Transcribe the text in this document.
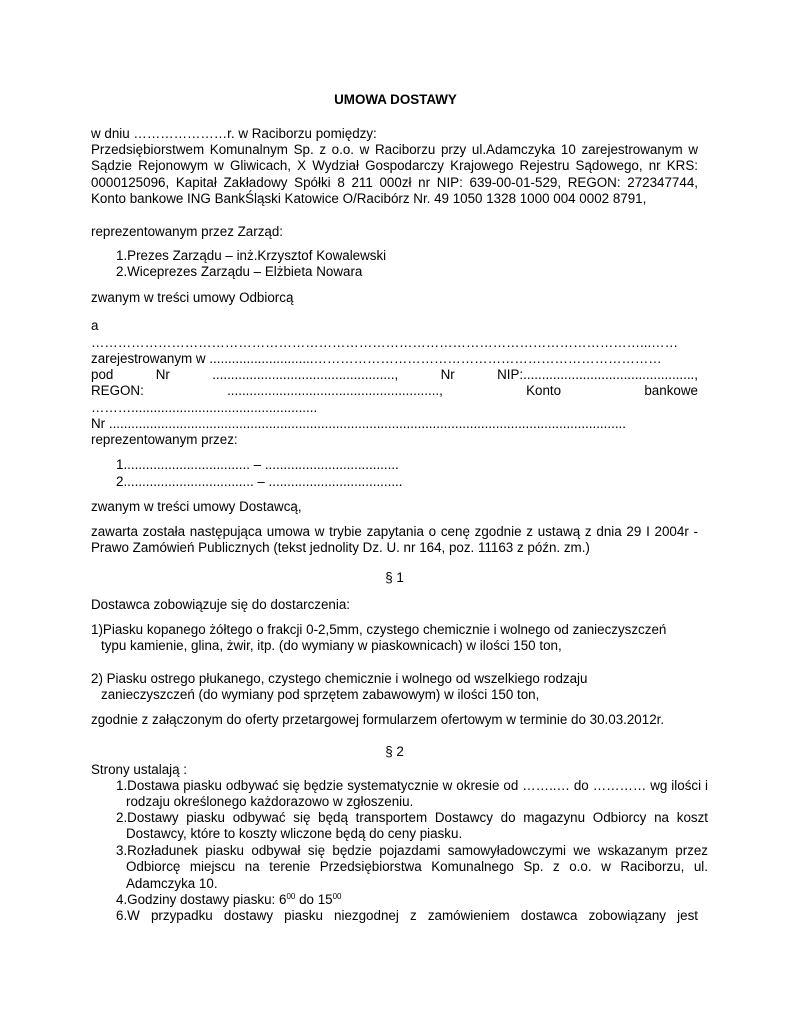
UMOWA DOSTAWY
w dniu …………………r. w Raciborzu pomiędzy:
Przedsiębiorstwem Komunalnym Sp. z o.o. w Raciborzu przy ul.Adamczyka 10 zarejestrowanym w Sądzie Rejonowym w Gliwicach, X Wydział Gospodarczy Krajowego Rejestru Sądowego, nr KRS: 0000125096, Kapitał Zakładowy Spółki 8 211 000zł nr NIP: 639-00-01-529, REGON: 272347744, Konto bankowe ING BankŚląski Katowice O/Racibórz Nr. 49 1050 1328 1000 004 0002 8791,
reprezentowanym przez Zarząd:
1.Prezes Zarządu – inż.Krzysztof Kowalewski
2.Wiceprezes Zarządu – Elżbieta Nowara
zwanym w treści umowy Odbiorcą
a
……………………………………………………………………………………………………………...……
zarejestrowanym w ............................……………………………………………………………………
pod	Nr	.................................................,	Nr	NIP:..............................................,
REGON:	.........................................................,	Konto	bankowe
………..................................................
Nr ...........................................................................................................................................
reprezentowanym przez:
1.................................. – ....................................
2................................... – ....................................
zwanym w treści umowy Dostawcą,
zawarta została następująca umowa w trybie zapytania o cenę zgodnie z ustawą z dnia 29 I 2004r - Prawo Zamówień Publicznych (tekst jednolity Dz. U. nr 164, poz. 11163 z późn. zm.)
§ 1
Dostawca zobowiązuje się do dostarczenia:
1)Piasku kopanego żółtego o frakcji 0-2,5mm, czystego chemicznie i wolnego od zanieczyszczeń typu kamienie, glina, żwir, itp. (do wymiany w piaskownicach) w ilości 150 ton,
2) Piasku ostrego płukanego, czystego chemicznie i wolnego od wszelkiego rodzaju zanieczyszczeń (do wymiany pod sprzętem zabawowym) w ilości 150 ton,
zgodnie z załączonym do oferty przetargowej formularzem ofertowym w terminie do 30.03.2012r.
§ 2
Strony ustalają :
1.Dostawa piasku odbywać się będzie systematycznie w okresie od ……..… do ………… wg ilości i rodzaju określonego każdorazowo w zgłoszeniu.
2.Dostawy piasku odbywać się będą transportem Dostawcy do magazynu Odbiorcy na koszt Dostawcy, które to koszty wliczone będą do ceny piasku.
3.Rozładunek piasku odbywał się będzie pojazdami samowyładowczymi we wskazanym przez Odbiorcę miejscu na terenie Przedsiębiorstwa Komunalnego Sp. z o.o. w Raciborzu, ul. Adamczyka 10.
4.Godziny dostawy piasku: $6^{00}$ do $15^{00}$
6.W przypadku dostawy piasku niezgodnej z zamówieniem dostawca zobowiązany jest
